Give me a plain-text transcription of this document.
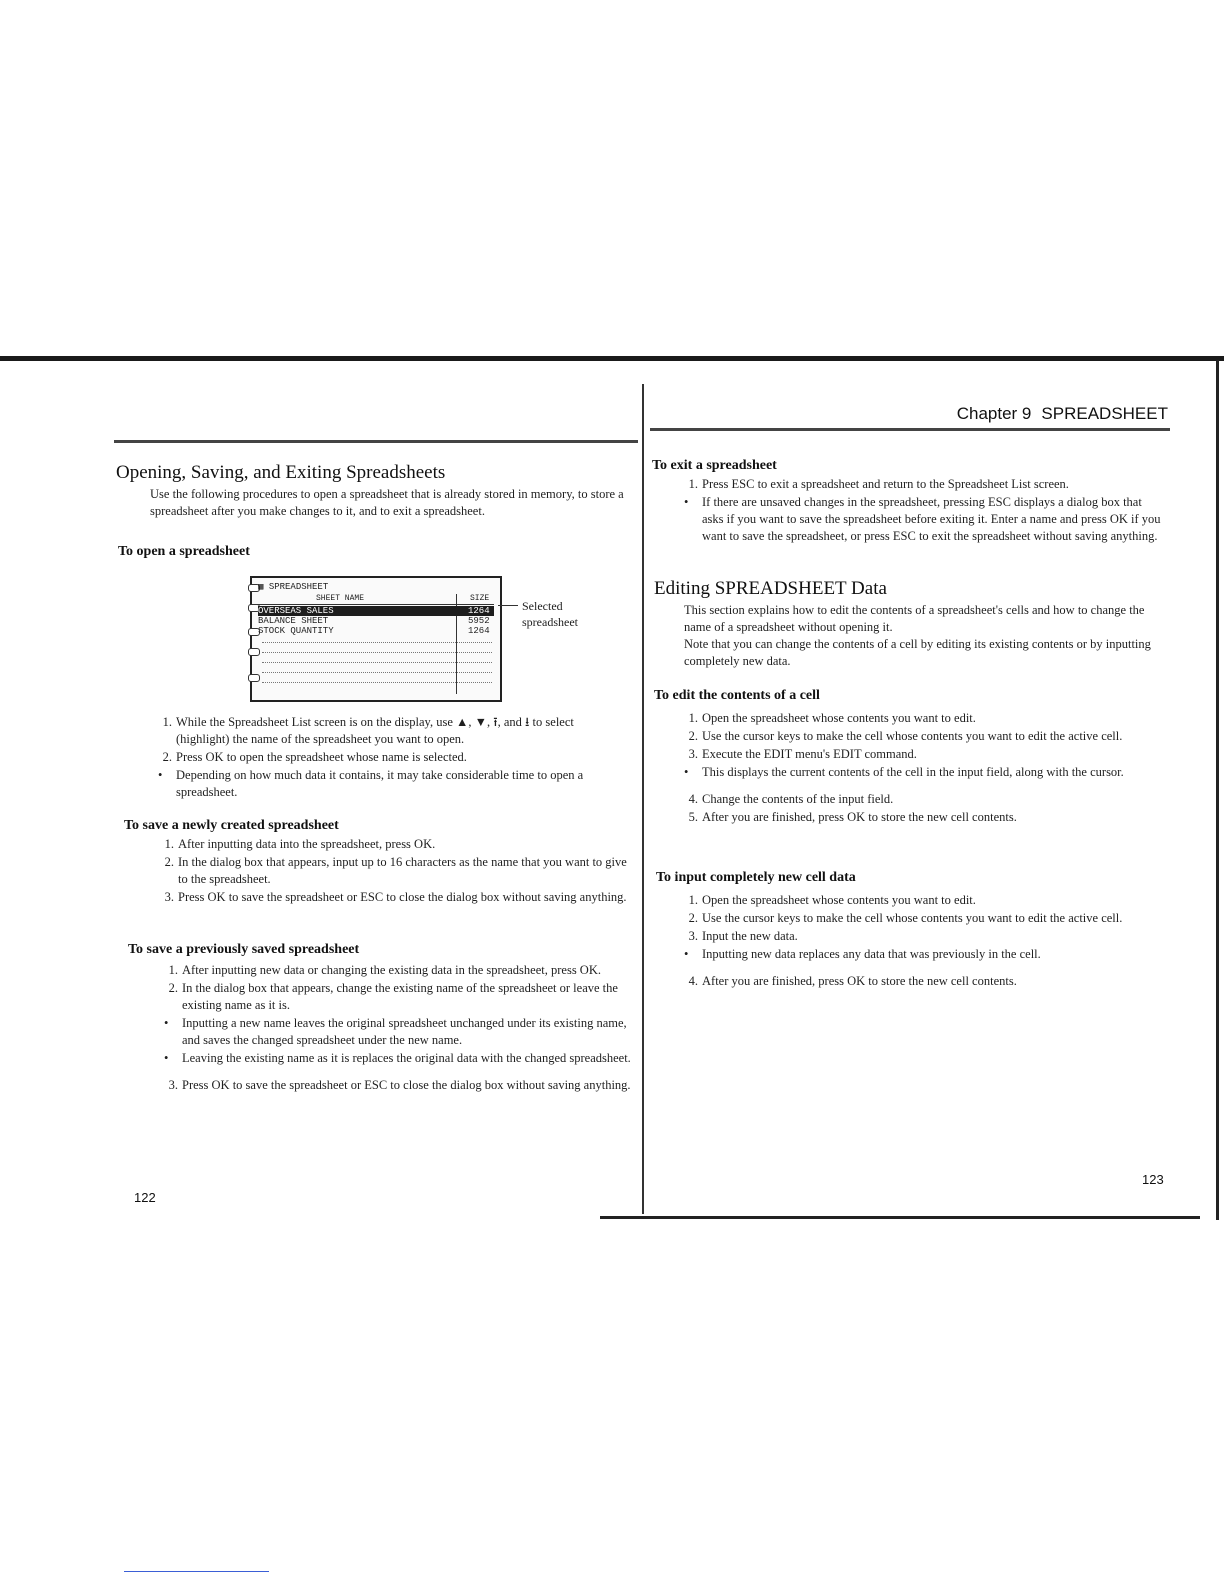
Chapter 9 SPREADSHEET
Opening, Saving, and Exiting Spreadsheets

Use the following procedures to open a spreadsheet that is already stored in memory, to store a spreadsheet after you make changes to it, and to exit a spreadsheet.

To open a spreadsheet
▦ SPREADSHEET
SHEET NAME	SIZE
OVERSEAS SALES	1264
BALANCE SHEET	5952
STOCK QUANTITY	1264
Selected spreadsheet
1. While the Spreadsheet List screen is on the display, use ▲, ▼, ⭱, and ⭳ to select (highlight) the name of the spreadsheet you want to open.
2. Press OK to open the spreadsheet whose name is selected.
• Depending on how much data it contains, it may take considerable time to open a spreadsheet.
To save a newly created spreadsheet
1. After inputting data into the spreadsheet, press OK.
2. In the dialog box that appears, input up to 16 characters as the name that you want to give to the spreadsheet.
3. Press OK to save the spreadsheet or ESC to close the dialog box without saving anything.
To save a previously saved spreadsheet
1. After inputting new data or changing the existing data in the spreadsheet, press OK.
2. In the dialog box that appears, change the existing name of the spreadsheet or leave the existing name as it is.
• Inputting a new name leaves the original spreadsheet unchanged under its existing name, and saves the changed spreadsheet under the new name.
• Leaving the existing name as it is replaces the original data with the changed spreadsheet.
3. Press OK to save the spreadsheet or ESC to close the dialog box without saving anything.
122
To exit a spreadsheet
1. Press ESC to exit a spreadsheet and return to the Spreadsheet List screen.
• If there are unsaved changes in the spreadsheet, pressing ESC displays a dialog box that asks if you want to save the spreadsheet before exiting it. Enter a name and press OK if you want to save the spreadsheet, or press ESC to exit the spreadsheet without saving anything.
Editing SPREADSHEET Data

This section explains how to edit the contents of a spreadsheet's cells and how to change the name of a spreadsheet without opening it.

Note that you can change the contents of a cell by editing its existing contents or by inputting completely new data.

To edit the contents of a cell
1. Open the spreadsheet whose contents you want to edit.
2. Use the cursor keys to make the cell whose contents you want to edit the active cell.
3. Execute the EDIT menu's EDIT command.
• This displays the current contents of the cell in the input field, along with the cursor.
4. Change the contents of the input field.
5. After you are finished, press OK to store the new cell contents.
To input completely new cell data
1. Open the spreadsheet whose contents you want to edit.
2. Use the cursor keys to make the cell whose contents you want to edit the active cell.
3. Input the new data.
• Inputting new data replaces any data that was previously in the cell.
4. After you are finished, press OK to store the new cell contents.
123
